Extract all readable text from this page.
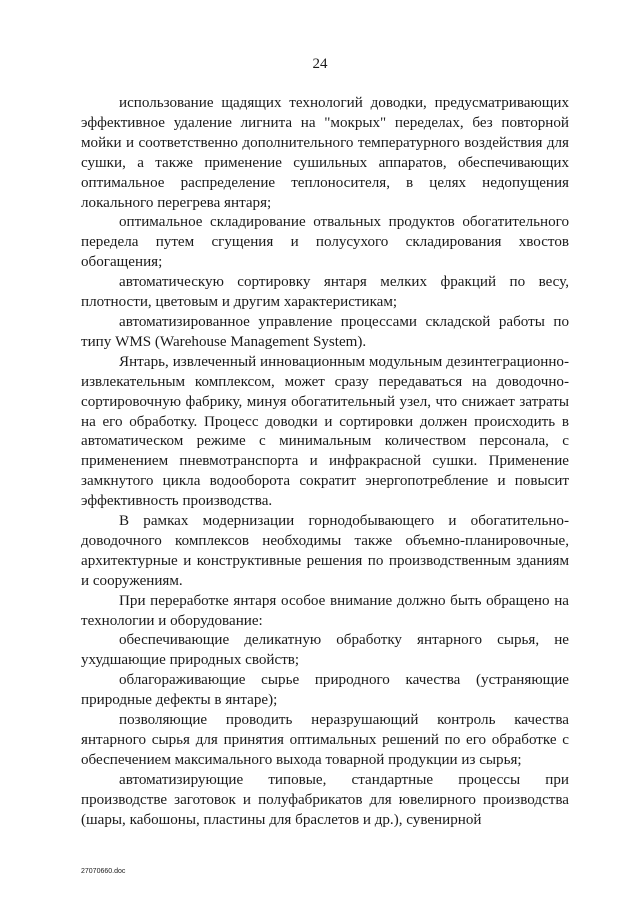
24

использование щадящих технологий доводки, предусматривающих эффективное удаление лигнита на "мокрых" переделах, без повторной мойки и соответственно дополнительного температурного воздействия для сушки, а также применение сушильных аппаратов, обеспечивающих оптимальное распределение теплоносителя, в целях недопущения локального перегрева янтаря;

оптимальное складирование отвальных продуктов обогатительного передела путем сгущения и полусухого складирования хвостов обогащения;

автоматическую сортировку янтаря мелких фракций по весу, плотности, цветовым и другим характеристикам;

автоматизированное управление процессами складской работы по типу WMS (Warehouse Management System).

Янтарь, извлеченный инновационным модульным дезинтеграционно-извлекательным комплексом, может сразу передаваться на доводочно-сортировочную фабрику, минуя обогатительный узел, что снижает затраты на его обработку. Процесс доводки и сортировки должен происходить в автоматическом режиме с минимальным количеством персонала, с применением пневмотранспорта и инфракрасной сушки. Применение замкнутого цикла водооборота сократит энергопотребление и повысит эффективность производства.

В рамках модернизации горнодобывающего и обогатительно-доводочного комплексов необходимы также объемно-планировочные, архитектурные и конструктивные решения по производственным зданиям и сооружениям.

При переработке янтаря особое внимание должно быть обращено на технологии и оборудование:

обеспечивающие деликатную обработку янтарного сырья, не ухудшающие природных свойств;

облагораживающие сырье природного качества (устраняющие природные дефекты в янтаре);

позволяющие проводить неразрушающий контроль качества янтарного сырья для принятия оптимальных решений по его обработке с обеспечением максимального выхода товарной продукции из сырья;

автоматизирующие типовые, стандартные процессы при производстве заготовок и полуфабрикатов для ювелирного производства (шары, кабошоны, пластины для браслетов и др.), сувенирной

27070660.doc
